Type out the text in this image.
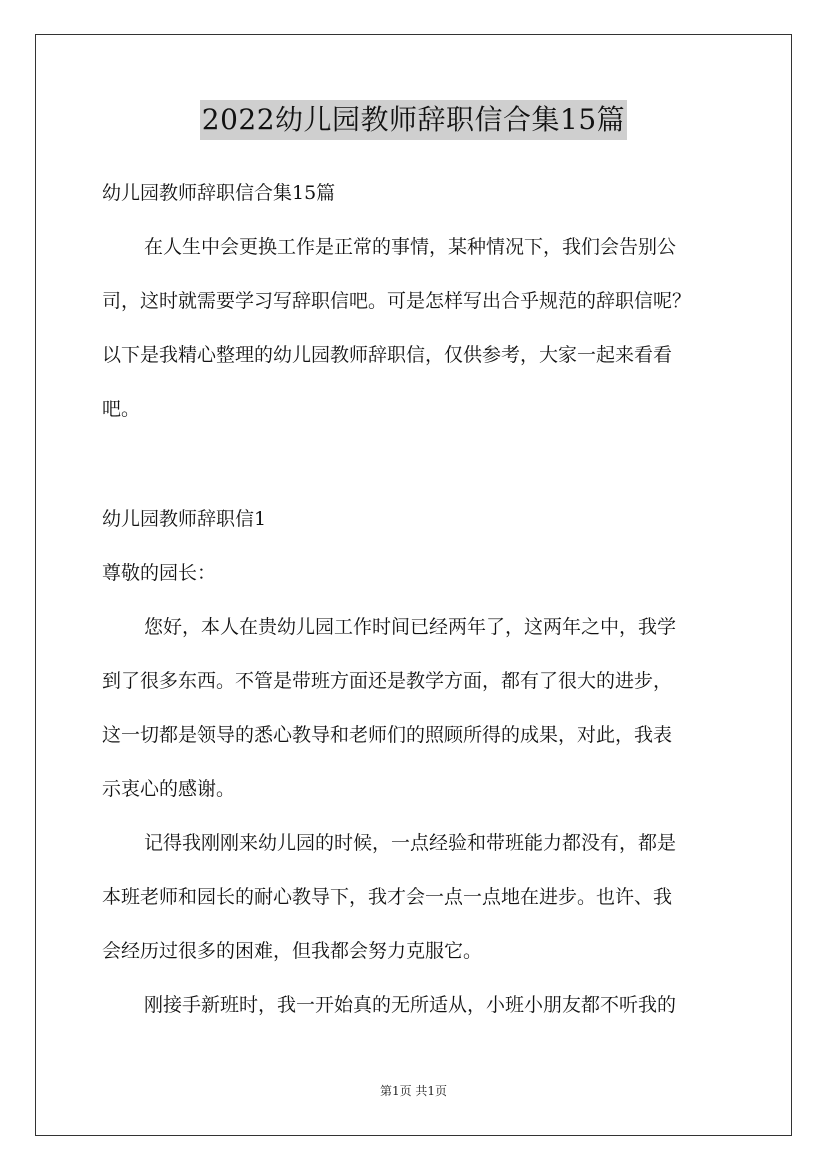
2022幼儿园教师辞职信合集15篇
幼儿园教师辞职信合集15篇
在人生中会更换工作是正常的事情，某种情况下，我们会告别公
司，这时就需要学习写辞职信吧。可是怎样写出合乎规范的辞职信呢？
以下是我精心整理的幼儿园教师辞职信，仅供参考，大家一起来看看
吧。
幼儿园教师辞职信1
尊敬的园长：
您好，本人在贵幼儿园工作时间已经两年了，这两年之中，我学
到了很多东西。不管是带班方面还是教学方面，都有了很大的进步，
这一切都是领导的悉心教导和老师们的照顾所得的成果，对此，我表
示衷心的感谢。
记得我刚刚来幼儿园的时候，一点经验和带班能力都没有，都是
本班老师和园长的耐心教导下，我才会一点一点地在进步。也许、我
会经历过很多的困难，但我都会努力克服它。
刚接手新班时，我一开始真的无所适从，小班小朋友都不听我的
第1页 共1页
